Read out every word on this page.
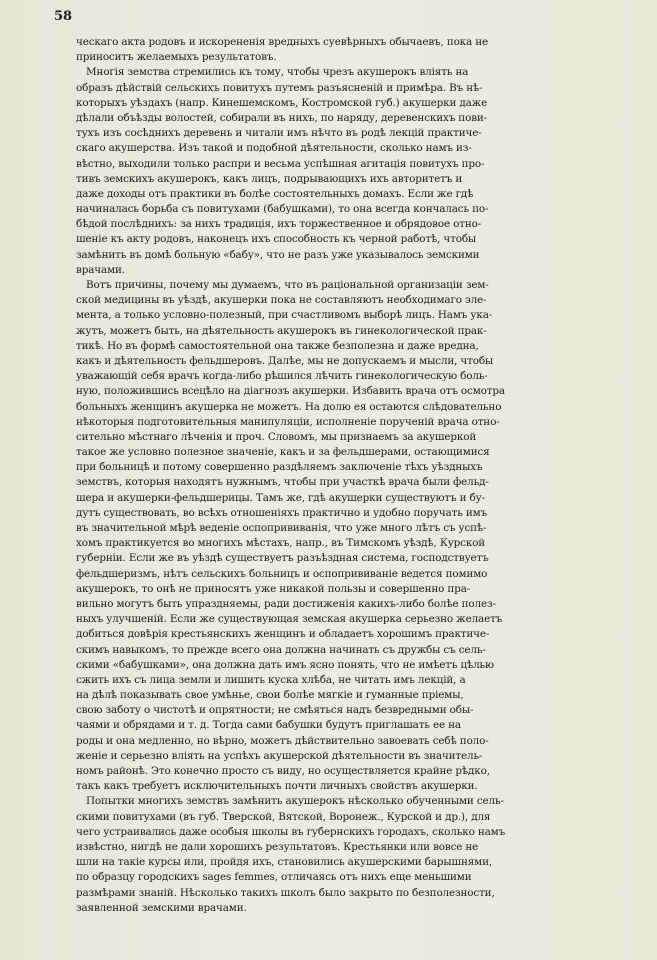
58
ческаго акта родовъ и искорененія вредныхъ суевѣрныхъ обычаевъ, пока не
приноситъ желаемыхъ результатовъ.
Многія земства стремились къ тому, чтобы чрезъ акушерокъ вліять на
образъ дѣйствій сельскихъ повитухъ путемъ разъясненій и примѣра. Въ нѣ-
которыхъ уѣздахъ (напр. Кинешемскомъ, Костромской губ.) акушерки даже
дѣлали объѣзды волостей, собирали въ нихъ, по наряду, деревенскихъ пови-
тухъ изъ сосѣднихъ деревень и читали имъ нѣчто въ родѣ лекцій практиче-
скаго акушерства. Изъ такой и подобной дѣятельности, сколько намъ из-
вѣстно, выходили только распри и весьма успѣшная агитація повитухъ про-
тивъ земскихъ акушерокъ, какъ лицъ, подрывающихъ ихъ авторитетъ и
даже доходы отъ практики въ болѣе состоятельныхъ домахъ. Если же гдѣ
начиналась борьба съ повитухами (бабушками), то она всегда кончалась по-
бѣдой послѣднихъ: за нихъ традиція, ихъ торжественное и обрядовое отно-
шеніе къ акту родовъ, наконецъ ихъ способность къ черной работѣ, чтобы
замѣнить въ домѣ больную «бабу», что не разъ уже указывалось земскими
врачами.
Вотъ причины, почему мы думаемъ, что въ раціональной организаціи зем-
ской медицины въ уѣздѣ, акушерки пока не составляютъ необходимаго эле-
мента, а только условно-полезный, при счастливомъ выборѣ лицъ. Намъ ука-
жутъ, можетъ быть, на дѣятельность акушерокъ въ гинекологической прак-
тикѣ. Но въ формѣ самостоятельной она также безполезна и даже вредна,
какъ и дѣятельность фельдшеровъ. Далѣе, мы не допускаемъ и мысли, чтобы
уважающій себя врачъ когда-либо рѣшился лѣчить гинекологическую боль-
ную, положившись всецѣло на діагнозъ акушерки. Избавить врача отъ осмотра
больныхъ женщинъ акушерка не можетъ. На долю ея остаются слѣдовательно
нѣкоторыя подготовительныя манипуляціи, исполненіе порученій врача отно-
сительно мѣстнаго лѣченія и проч. Словомъ, мы признаемъ за акушеркой
такое же условно полезное значеніе, какъ и за фельдшерами, остающимися
при больницѣ и потому совершенно раздѣляемъ заключеніе тѣхъ уѣздныхъ
земствъ, которыя находятъ нужнымъ, чтобы при участкѣ врача были фельд-
шера и акушерки-фельдшерицы. Тамъ же, гдѣ акушерки существуютъ и бу-
дутъ существовать, во всѣхъ отношеніяхъ практично и удобно поручать имъ
въ значительной мѣрѣ веденіе оспопрививанія, что уже много лѣтъ съ успѣ-
хомъ практикуется во многихъ мѣстахъ, напр., въ Тимскомъ уѣздѣ, Курской
губерніи. Если же въ уѣздѣ существуетъ разъѣздная система, господствуетъ
фельдшеризмъ, нѣтъ сельскихъ больницъ и оспопрививаніе ведется помимо
акушерокъ, то онѣ не приносятъ уже никакой пользы и совершенно пра-
вильно могутъ быть упраздняемы, ради достиженія какихъ-либо болѣе полез-
ныхъ улучшеній. Если же существующая земская акушерка серьезно желаетъ
добиться довѣрія крестьянскихъ женщинъ и обладаетъ хорошимъ практиче-
скимъ навыкомъ, то прежде всего она должна начинать съ дружбы съ сель-
скими «бабушками», она должна дать имъ ясно понять, что не имѣетъ цѣлью
сжить ихъ съ лица земли и лишить куска хлѣба, не читать имъ лекцій, а
на дѣлѣ показывать свое умѣнье, свои болѣе мягкіе и гуманные пріемы,
свою заботу о чистотѣ и опрятности; не смѣяться надъ безвредными обы-
чаями и обрядами и т. д. Тогда сами бабушки будутъ приглашать ее на
роды и она медленно, но вѣрно, можетъ дѣйствительно завоевать себѣ поло-
женіе и серьезно вліять на успѣхъ акушерской дѣятельности въ значитель-
номъ районѣ. Это конечно просто съ виду, но осуществляется крайне рѣдко,
такъ какъ требуетъ исключительныхъ почти личныхъ свойствъ акушерки.
Попытки многихъ земствъ замѣнить акушерокъ нѣсколько обученными сель-
скими повитухами (въ губ. Тверской, Вятской, Воронеж., Курской и др.), для
чего устраивались даже особыя школы въ губернскихъ городахъ, сколько намъ
извѣстно, нигдѣ не дали хорошихъ результатовъ. Крестьянки или вовсе не
шли на такіе курсы или, пройдя ихъ, становились акушерскими барышнями,
по образцу городскихъ sages femmes, отличаясь отъ нихъ еще меньшими
размѣрами знаній. Нѣсколько такихъ школъ было закрыто по безполезности,
заявленной земскими врачами.
